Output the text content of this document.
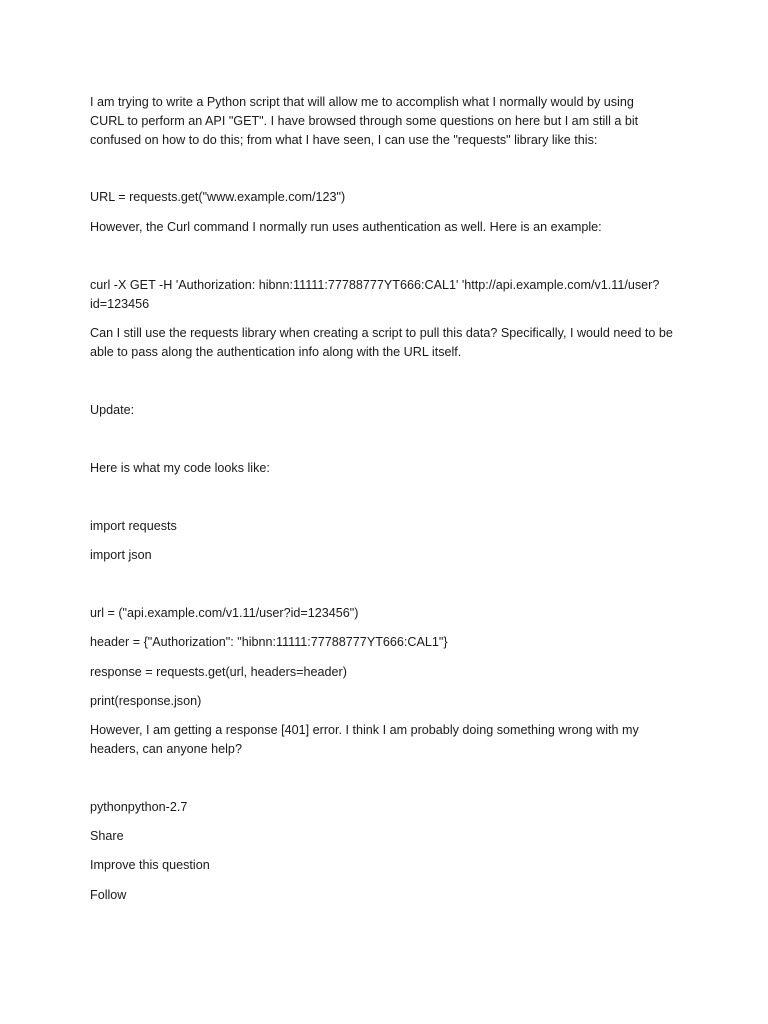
I am trying to write a Python script that will allow me to accomplish what I normally would by using
CURL to perform an API "GET". I have browsed through some questions on here but I am still a bit
confused on how to do this; from what I have seen, I can use the "requests" library like this:
URL = requests.get("www.example.com/123")
However, the Curl command I normally run uses authentication as well. Here is an example:
curl -X GET -H 'Authorization: hibnn:11111:77788777YT666:CAL1' 'http://api.example.com/v1.11/user?
id=123456
Can I still use the requests library when creating a script to pull this data? Specifically, I would need to be
able to pass along the authentication info along with the URL itself.
Update:
Here is what my code looks like:
import requests
import json
url = ("api.example.com/v1.11/user?id=123456")
header = {"Authorization": "hibnn:11111:77788777YT666:CAL1"}
response = requests.get(url, headers=header)
print(response.json)
However, I am getting a response [401] error. I think I am probably doing something wrong with my
headers, can anyone help?
pythonpython-2.7
Share
Improve this question
Follow
